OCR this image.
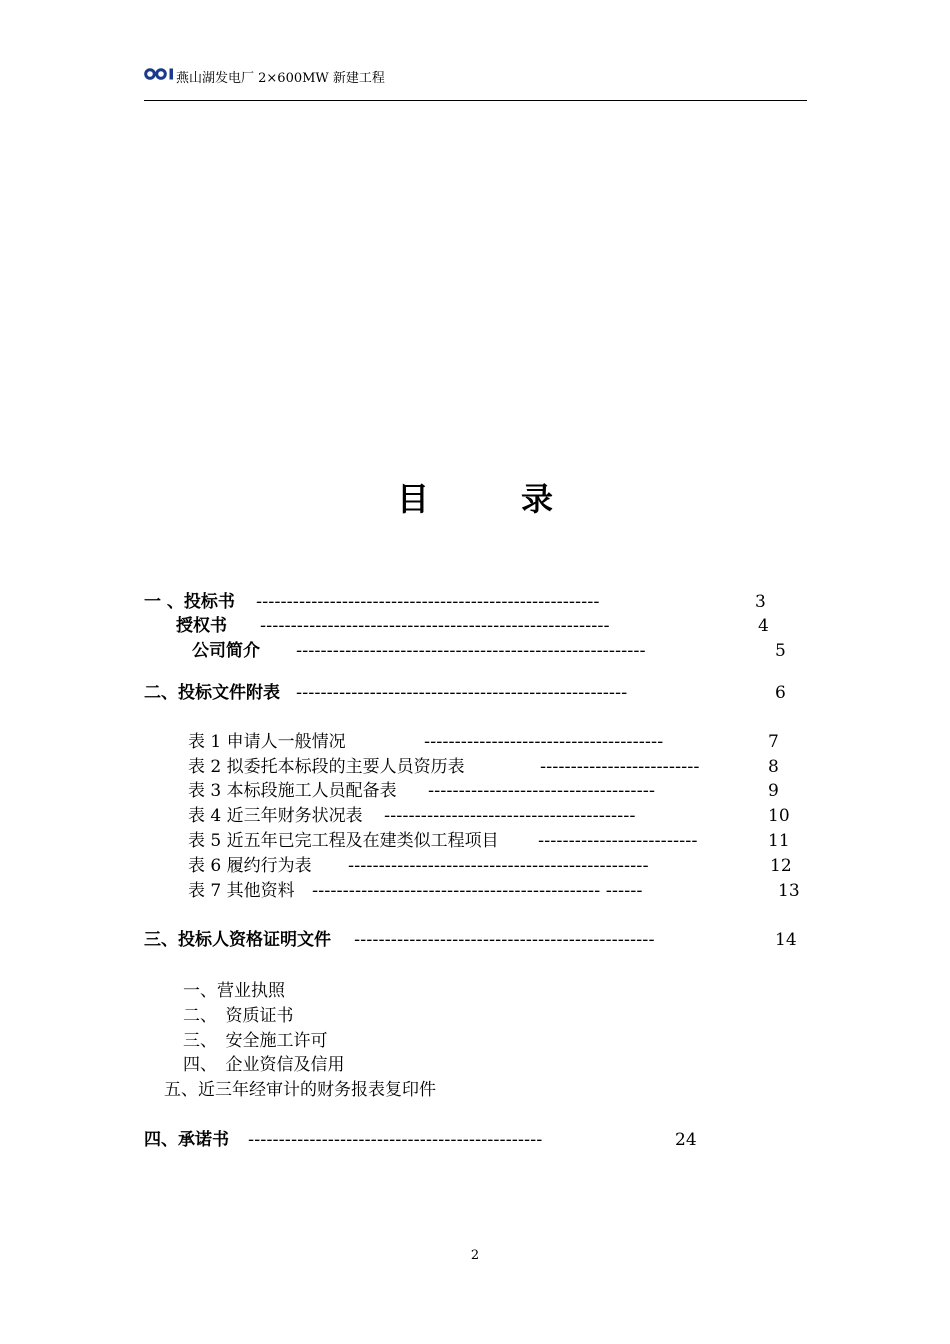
燕山湖发电厂 2×600MW 新建工程
目　录
一 、投标书 --------------------------------------------------------	3
授权书 ---------------------------------------------------------	4
公司简介 ---------------------------------------------------------	5
二、投标文件附表 ------------------------------------------------------	6
表 1 申请人一般情况	---------------------------------------	7
表 2 拟委托本标段的主要人员资历表	--------------------------	8
表 3 本标段施工人员配备表 -------------------------------------	9
表 4 近三年财务状况表 -----------------------------------------	10
表 5 近五年已完工程及在建类似工程项目 --------------------------	11
表 6 履约行为表 -------------------------------------------------	12
表 7 其他资料 ----------------------------------------------- ------	13
三、投标人资格证明文件 -------------------------------------------------	14
一、营业执照
二、　资质证书
三、　安全施工许可
四、　企业资信及信用
五、近三年经审计的财务报表复印件
四、承诺书 ------------------------------------------------	24
2
